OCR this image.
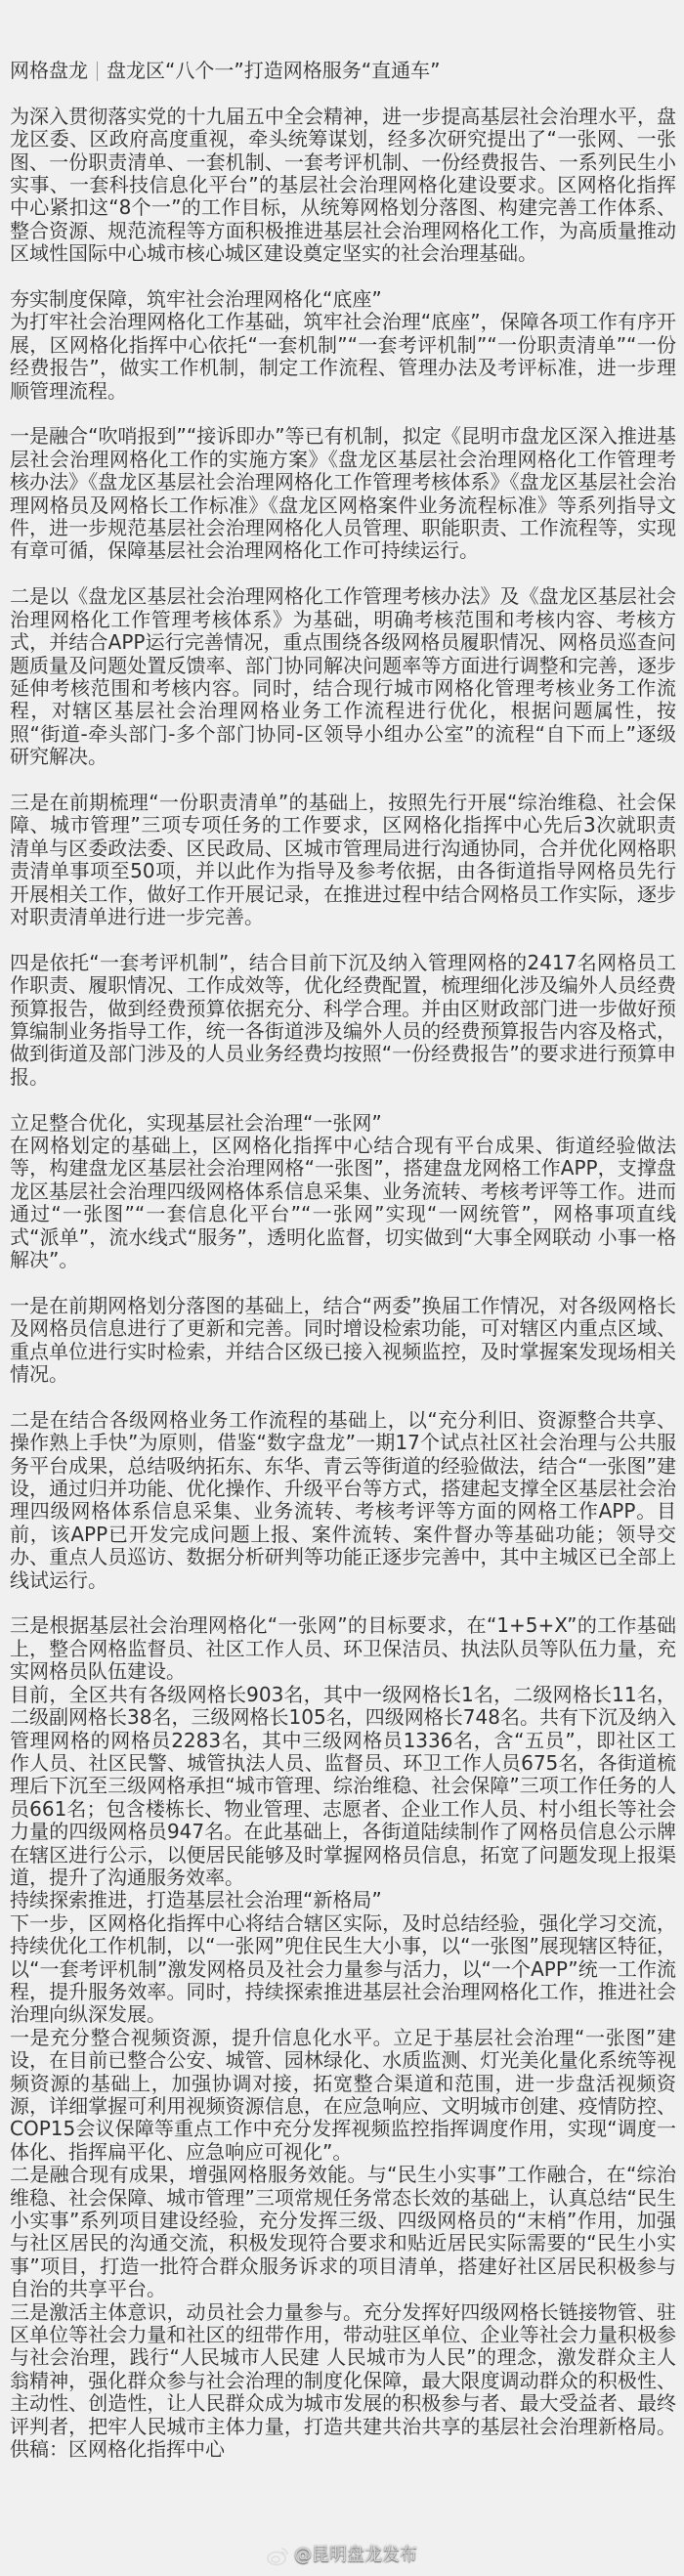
网格盘龙 盘龙区“八个一”打造网格服务“直通车”

为深入贯彻落实党的十九届五中全会精神，进一步提高基层社会治理水平，盘龙区委、区政府高度重视，牵头统筹谋划，经多次研究提出了“一张网、一张图、一份职责清单、一套机制、一套考评机制、一份经费报告、一系列民生小实事、一套科技信息化平台”的基层社会治理网格化建设要求。区网格化指挥中心紧扣这“8个一”的工作目标，从统筹网格划分落图、构建完善工作体系、整合资源、规范流程等方面积极推进基层社会治理网格化工作，为高质量推动区域性国际中心城市核心城区建设奠定坚实的社会治理基础。

夯实制度保障，筑牢社会治理网格化“底座”

为打牢社会治理网格化工作基础，筑牢社会治理“底座”，保障各项工作有序开展，区网格化指挥中心依托“一套机制”“一套考评机制”“一份职责清单”“一份经费报告”，做实工作机制，制定工作流程、管理办法及考评标准，进一步理顺管理流程。

一是融合“吹哨报到”“接诉即办”等已有机制，拟定《昆明市盘龙区深入推进基层社会治理网格化工作的实施方案》《盘龙区基层社会治理网格化工作管理考核办法》《盘龙区基层社会治理网格化工作管理考核体系》《盘龙区基层社会治理网格员及网格长工作标准》《盘龙区网格案件业务流程标准》等系列指导文件，进一步规范基层社会治理网格化人员管理、职能职责、工作流程等，实现有章可循，保障基层社会治理网格化工作可持续运行。

二是以《盘龙区基层社会治理网格化工作管理考核办法》及《盘龙区基层社会治理网格化工作管理考核体系》为基础，明确考核范围和考核内容、考核方式，并结合APP运行完善情况，重点围绕各级网格员履职情况、网格员巡查问题质量及问题处置反馈率、部门协同解决问题率等方面进行调整和完善，逐步延伸考核范围和考核内容。同时，结合现行城市网格化管理考核业务工作流程，对辖区基层社会治理网格业务工作流程进行优化，根据问题属性，按照“街道-牵头部门-多个部门协同-区领导小组办公室”的流程“自下而上”逐级研究解决。

三是在前期梳理“一份职责清单”的基础上，按照先行开展“综治维稳、社会保障、城市管理”三项专项任务的工作要求，区网格化指挥中心先后3次就职责清单与区委政法委、区民政局、区城市管理局进行沟通协同，合并优化网格职责清单事项至50项，并以此作为指导及参考依据，由各街道指导网格员先行开展相关工作，做好工作开展记录，在推进过程中结合网格员工作实际，逐步对职责清单进行进一步完善。

四是依托“一套考评机制”，结合目前下沉及纳入管理网格的2417名网格员工作职责、履职情况、工作成效等，优化经费配置，梳理细化涉及编外人员经费预算报告，做到经费预算依据充分、科学合理。并由区财政部门进一步做好预算编制业务指导工作，统一各街道涉及编外人员的经费预算报告内容及格式，做到街道及部门涉及的人员业务经费均按照“一份经费报告”的要求进行预算申报。

立足整合优化，实现基层社会治理“一张网”

在网格划定的基础上，区网格化指挥中心结合现有平台成果、街道经验做法等，构建盘龙区基层社会治理网格“一张图”，搭建盘龙网格工作APP，支撑盘龙区基层社会治理四级网格体系信息采集、业务流转、考核考评等工作。进而通过“一张图”“一套信息化平台”“一张网”实现“一网统管”，网格事项直线式“派单”，流水线式“服务”，透明化监督，切实做到“大事全网联动 小事一格解决”。

一是在前期网格划分落图的基础上，结合“两委”换届工作情况，对各级网格长及网格员信息进行了更新和完善。同时增设检索功能，可对辖区内重点区域、重点单位进行实时检索，并结合区级已接入视频监控，及时掌握案发现场相关情况。

二是在结合各级网格业务工作流程的基础上，以“充分利旧、资源整合共享、操作熟上手快”为原则，借鉴“数字盘龙”一期17个试点社区社会治理与公共服务平台成果，总结吸纳拓东、东华、青云等街道的经验做法，结合“一张图”建设，通过归并功能、优化操作、升级平台等方式，搭建起支撑全区基层社会治理四级网格体系信息采集、业务流转、考核考评等方面的网格工作APP。目前，该APP已开发完成问题上报、案件流转、案件督办等基础功能；领导交办、重点人员巡访、数据分析研判等功能正逐步完善中，其中主城区已全部上线试运行。

三是根据基层社会治理网格化“一张网”的目标要求，在“1+5+X”的工作基础上，整合网格监督员、社区工作人员、环卫保洁员、执法队员等队伍力量，充实网格员队伍建设。

目前，全区共有各级网格长903名，其中一级网格长1名，二级网格长11名，二级副网格长38名，三级网格长105名，四级网格长748名。共有下沉及纳入管理网格的网格员2283名，其中三级网格员1336名，含“五员”，即社区工作人员、社区民警、城管执法人员、监督员、环卫工作人员675名，各街道梳理后下沉至三级网格承担“城市管理、综治维稳、社会保障”三项工作任务的人员661名；包含楼栋长、物业管理、志愿者、企业工作人员、村小组长等社会力量的四级网格员947名。在此基础上，各街道陆续制作了网格员信息公示牌在辖区进行公示，以便居民能够及时掌握网格员信息，拓宽了问题发现上报渠道，提升了沟通服务效率。

持续探索推进，打造基层社会治理“新格局”

下一步，区网格化指挥中心将结合辖区实际，及时总结经验，强化学习交流，持续优化工作机制，以“一张网”兜住民生大小事，以“一张图”展现辖区特征，以“一套考评机制”激发网格员及社会力量参与活力，以“一个APP”统一工作流程，提升服务效率。同时，持续探索推进基层社会治理网格化工作，推进社会治理向纵深发展。

一是充分整合视频资源，提升信息化水平。立足于基层社会治理“一张图”建设，在目前已整合公安、城管、园林绿化、水质监测、灯光美化量化系统等视频资源的基础上，加强协调对接，拓宽整合渠道和范围，进一步盘活视频资源，详细掌握可利用视频资源信息，在应急响应、文明城市创建、疫情防控、COP15会议保障等重点工作中充分发挥视频监控指挥调度作用，实现“调度一体化、指挥扁平化、应急响应可视化”。

二是融合现有成果，增强网格服务效能。与“民生小实事”工作融合，在“综治维稳、社会保障、城市管理”三项常规任务常态长效的基础上，认真总结“民生小实事”系列项目建设经验，充分发挥三级、四级网格员的“末梢”作用，加强与社区居民的沟通交流，积极发现符合要求和贴近居民实际需要的“民生小实事”项目，打造一批符合群众服务诉求的项目清单，搭建好社区居民积极参与自治的共享平台。

三是激活主体意识，动员社会力量参与。充分发挥好四级网格长链接物管、驻区单位等社会力量和社区的纽带作用，带动驻区单位、企业等社会力量积极参与社会治理，践行“人民城市人民建 人民城市为人民”的理念，激发群众主人翁精神，强化群众参与社会治理的制度化保障，最大限度调动群众的积极性、主动性、创造性，让人民群众成为城市发展的积极参与者、最大受益者、最终评判者，把牢人民城市主体力量，打造共建共治共享的基层社会治理新格局。供稿：区网格化指挥中心

@昆明盘龙发布
